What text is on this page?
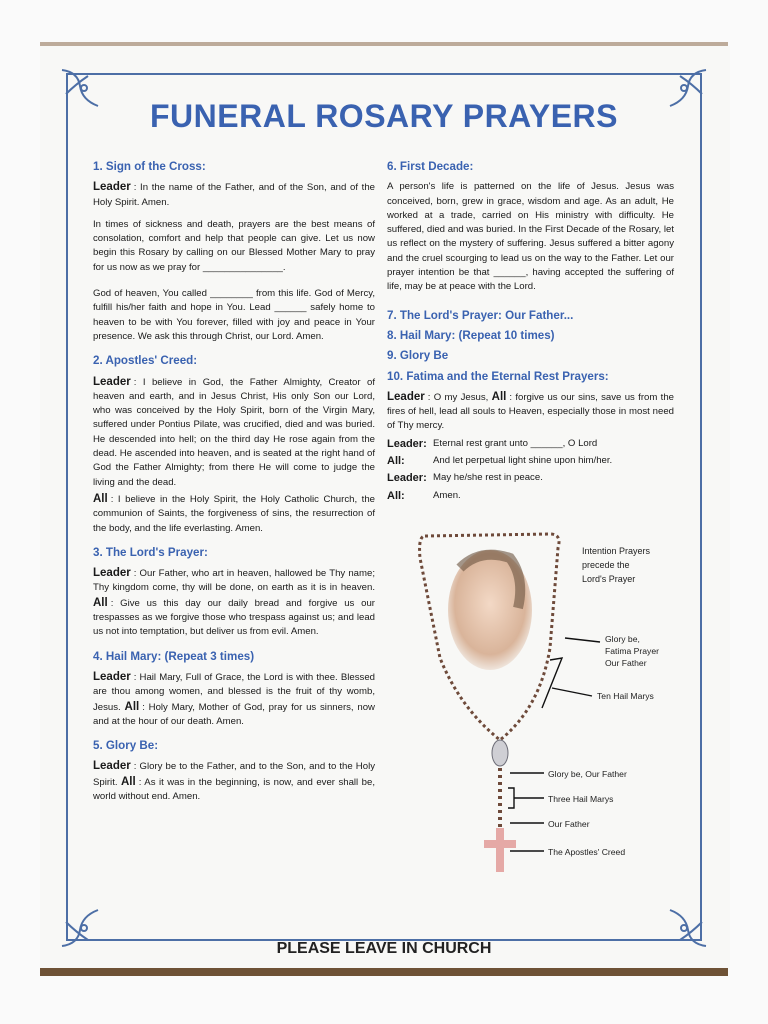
FUNERAL ROSARY PRAYERS
1. Sign of the Cross:

Leader : In the name of the Father, and of the Son, and of the Holy Spirit. Amen.

In times of sickness and death, prayers are the best means of consolation, comfort and help that people can give. Let us now begin this Rosary by calling on our Blessed Mother Mary to pray for us now as we pray for _______________.

God of heaven, You called ________ from this life. God of Mercy, fulfill his/her faith and hope in You. Lead ______ safely home to heaven to be with You forever, filled with joy and peace in Your presence. We ask this through Christ, our Lord. Amen.

2. Apostles' Creed:

Leader : I believe in God, the Father Almighty, Creator of heaven and earth, and in Jesus Christ, His only Son our Lord, who was conceived by the Holy Spirit, born of the Virgin Mary, suffered under Pontius Pilate, was crucified, died and was buried. He descended into hell; on the third day He rose again from the dead. He ascended into heaven, and is seated at the right hand of God the Father Almighty; from there He will come to judge the living and the dead.

All : I believe in the Holy Spirit, the Holy Catholic Church, the communion of Saints, the forgiveness of sins, the resurrection of the body, and the life everlasting. Amen.

3. The Lord's Prayer:

Leader : Our Father, who art in heaven, hallowed be Thy name; Thy kingdom come, thy will be done, on earth as it is in heaven. All : Give us this day our daily bread and forgive us our trespasses as we forgive those who trespass against us; and lead us not into temptation, but deliver us from evil. Amen.

4. Hail Mary: (Repeat 3 times)

Leader : Hail Mary, Full of Grace, the Lord is with thee. Blessed are thou among women, and blessed is the fruit of thy womb, Jesus. All : Holy Mary, Mother of God, pray for us sinners, now and at the hour of our death. Amen.

5. Glory Be:

Leader : Glory be to the Father, and to the Son, and to the Holy Spirit. All : As it was in the beginning, is now, and ever shall be, world without end. Amen.

6. First Decade:

A person's life is patterned on the life of Jesus. Jesus was conceived, born, grew in grace, wisdom and age. As an adult, He worked at a trade, carried on His ministry with difficulty. He suffered, died and was buried. In the First Decade of the Rosary, let us reflect on the mystery of suffering. Jesus suffered a bitter agony and the cruel scourging to lead us on the way to the Father. Let our prayer intention be that ______, having accepted the suffering of life, may be at peace with the Lord.

7. The Lord's Prayer: Our Father...
8. Hail Mary: (Repeat 10 times)
9. Glory Be
10. Fatima and the Eternal Rest Prayers:

Leader : O my Jesus, All : forgive us our sins, save us from the fires of hell, lead all souls to Heaven, especially those in most need of Thy mercy.

Leader: Eternal rest grant unto ______, O Lord
All:	And let perpetual light shine upon him/her.
Leader: May he/she rest in peace.
All:	Amen.
Intention Prayers
precede the
Lord's Prayer
Glory be,
Fatima Prayer
Our Father
Ten Hail Marys
Glory be, Our Father
Three Hail Marys
Our Father
The Apostles' Creed
PLEASE LEAVE IN CHURCH
